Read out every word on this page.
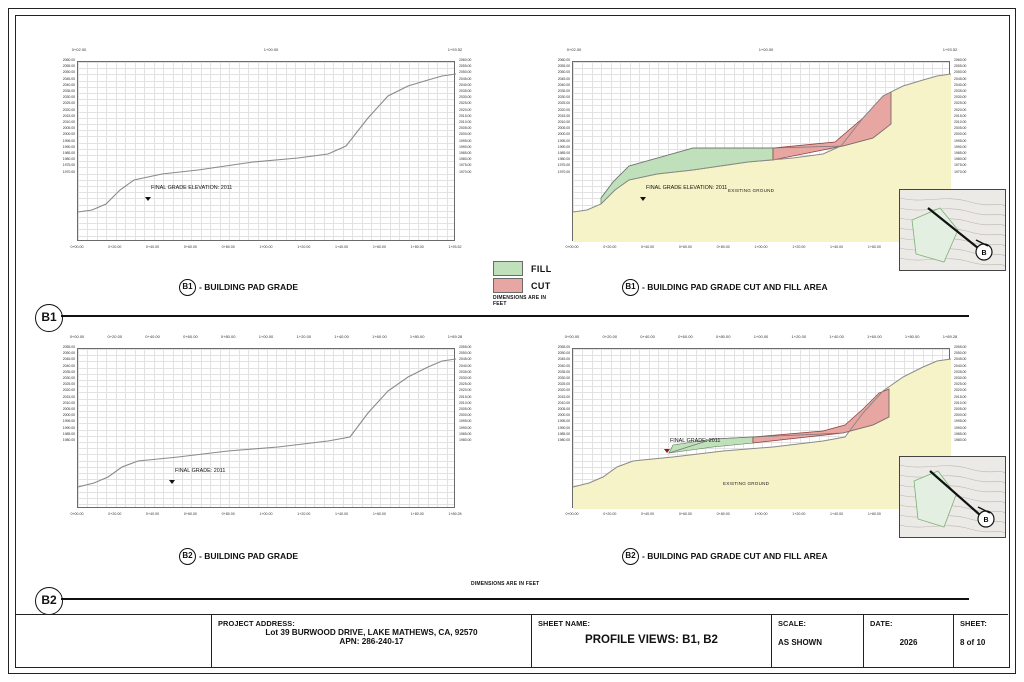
0+02.00	1+00.00	1+93.52
2060.00
2055.00
2050.00
2045.00
2040.00
2035.00
2030.00
2025.00
2020.00
2015.00
2010.00
2005.00
2000.00
1995.00
1990.00
1985.00
1980.00
1975.00
1970.00
2060.00
2055.00
2050.00
2045.00
2040.00
2035.00
2030.00
2025.00
2020.00
2015.00
2010.00
2005.00
2000.00
1995.00
1990.00
1985.00
1980.00
1975.00
1970.00
0+00.00	0+20.00	0+40.00	0+60.00	0+80.00	1+00.00	1+20.00	1+40.00	1+60.00	1+80.00	1+93.52
FINAL GRADE ELEVATION: 2011
B1 - BUILDING PAD GRADE
FILL
CUT
DIMENSIONS ARE IN FEET
0+02.00	1+00.00	1+93.52
EXISTING GROUND
2060.00
2055.00
2050.00
2045.00
2040.00
2035.00
2030.00
2025.00
2020.00
2015.00
2010.00
2005.00
2000.00
1995.00
1990.00
1985.00
1980.00
1975.00
1970.00
2060.00
2055.00
2050.00
2045.00
2040.00
2035.00
2030.00
2025.00
2020.00
2015.00
2010.00
2005.00
2000.00
1995.00
1990.00
1985.00
1980.00
1975.00
1970.00
0+00.00	0+20.00	0+40.00	0+60.00	0+80.00	1+00.00	1+20.00	1+40.00	1+60.00
FINAL GRADE ELEVATION: 2011
B1 - BUILDING PAD GRADE CUT AND FILL AREA
B
B1
0+00.00	0+20.00	0+40.00	0+60.00	0+80.00	1+00.00	1+20.00	1+40.00	1+60.00	1+80.00	1+89.28
2055.00
2050.00
2045.00
2040.00
2035.00
2030.00
2025.00
2020.00
2015.00
2010.00
2005.00
2000.00
1995.00
1990.00
1985.00
1980.00
2055.00
2050.00
2045.00
2040.00
2035.00
2030.00
2025.00
2020.00
2015.00
2010.00
2005.00
2000.00
1995.00
1990.00
1985.00
1980.00
0+00.00	0+20.00	0+40.00	0+60.00	0+80.00	1+00.00	1+20.00	1+40.00	1+60.00	1+80.00	1+89.28
FINAL GRADE: 2011
B2 - BUILDING PAD GRADE
0+00.00	0+20.00	0+40.00	0+60.00	0+80.00	1+00.00	1+20.00	1+40.00	1+60.00	1+80.00	1+89.28
EXISTING GROUND
2055.00
2050.00
2045.00
2040.00
2035.00
2030.00
2025.00
2020.00
2015.00
2010.00
2005.00
2000.00
1995.00
1990.00
1985.00
1980.00
2055.00
2050.00
2045.00
2040.00
2035.00
2030.00
2025.00
2020.00
2015.00
2010.00
2005.00
2000.00
1995.00
1990.00
1985.00
1980.00
0+00.00	0+20.00	0+40.00	0+60.00	0+80.00	1+00.00	1+20.00	1+40.00	1+60.00
FINAL GRADE: 2011
B2 - BUILDING PAD GRADE CUT AND FILL AREA
B
B2
DIMENSIONS ARE IN FEET
PROJECT ADDRESS:
Lot 39 BURWOOD DRIVE, LAKE MATHEWS, CA, 92570
APN: 286-240-17
SHEET NAME:
PROFILE VIEWS: B1, B2
SCALE:
AS SHOWN
DATE:
2026
SHEET:
8 of 10
